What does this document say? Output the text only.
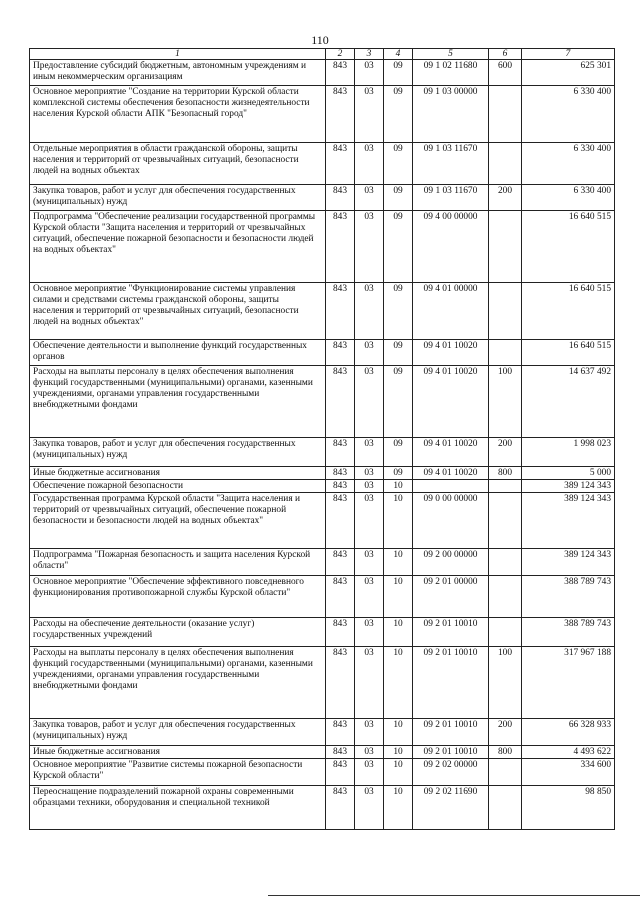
110
1	2	3	4	5	6	7
Предоставление субсидий бюджетным, автономным учреждениям и иным некоммерческим организациям	843	03	09	09 1 02 11680	600	625 301
Основное мероприятие "Создание на территории Курской области комплексной системы обеспечения безопасности жизнедеятельности населения Курской области АПК "Безопасный город"	843	03	09	09 1 03 00000		6 330 400
Отдельные мероприятия в области гражданской обороны, защиты населения и территорий от чрезвычайных ситуаций, безопасности людей на водных объектах	843	03	09	09 1 03 11670		6 330 400
Закупка товаров, работ и услуг для обеспечения государственных (муниципальных) нужд	843	03	09	09 1 03 11670	200	6 330 400
Подпрограмма "Обеспечение реализации государственной программы Курской области "Защита населения и территорий от чрезвычайных ситуаций, обеспечение пожарной безопасности и безопасности людей на водных объектах"	843	03	09	09 4 00 00000		16 640 515
Основное мероприятие "Функционирование системы управления силами и средствами системы гражданской обороны, защиты населения и территорий от чрезвычайных ситуаций, безопасности людей на водных объектах"	843	03	09	09 4 01 00000		16 640 515
Обеспечение деятельности и выполнение функций государственных органов	843	03	09	09 4 01 10020		16 640 515
Расходы на выплаты персоналу в целях обеспечения выполнения функций государственными (муниципальными) органами, казенными учреждениями, органами управления государственными внебюджетными фондами	843	03	09	09 4 01 10020	100	14 637 492
Закупка товаров, работ и услуг для обеспечения государственных (муниципальных) нужд	843	03	09	09 4 01 10020	200	1 998 023
Иные бюджетные ассигнования	843	03	09	09 4 01 10020	800	5 000
Обеспечение пожарной безопасности	843	03	10			389 124 343
Государственная программа Курской области "Защита населения и территорий от чрезвычайных ситуаций, обеспечение пожарной безопасности и безопасности людей на водных объектах"	843	03	10	09 0 00 00000		389 124 343
Подпрограмма "Пожарная безопасность и защита населения Курской области"	843	03	10	09 2 00 00000		389 124 343
Основное мероприятие "Обеспечение эффективного повседневного функционирования противопожарной службы Курской области"	843	03	10	09 2 01 00000		388 789 743
Расходы на обеспечение деятельности (оказание услуг) государственных учреждений	843	03	10	09 2 01 10010		388 789 743
Расходы на выплаты персоналу в целях обеспечения выполнения функций государственными (муниципальными) органами, казенными учреждениями, органами управления государственными внебюджетными фондами	843	03	10	09 2 01 10010	100	317 967 188
Закупка товаров, работ и услуг для обеспечения государственных (муниципальных) нужд	843	03	10	09 2 01 10010	200	66 328 933
Иные бюджетные ассигнования	843	03	10	09 2 01 10010	800	4 493 622
Основное мероприятие "Развитие системы пожарной безопасности Курской области"	843	03	10	09 2 02 00000		334 600
Переоснащение подразделений пожарной охраны современными образцами техники, оборудования и специальной техникой	843	03	10	09 2 02 11690		98 850
